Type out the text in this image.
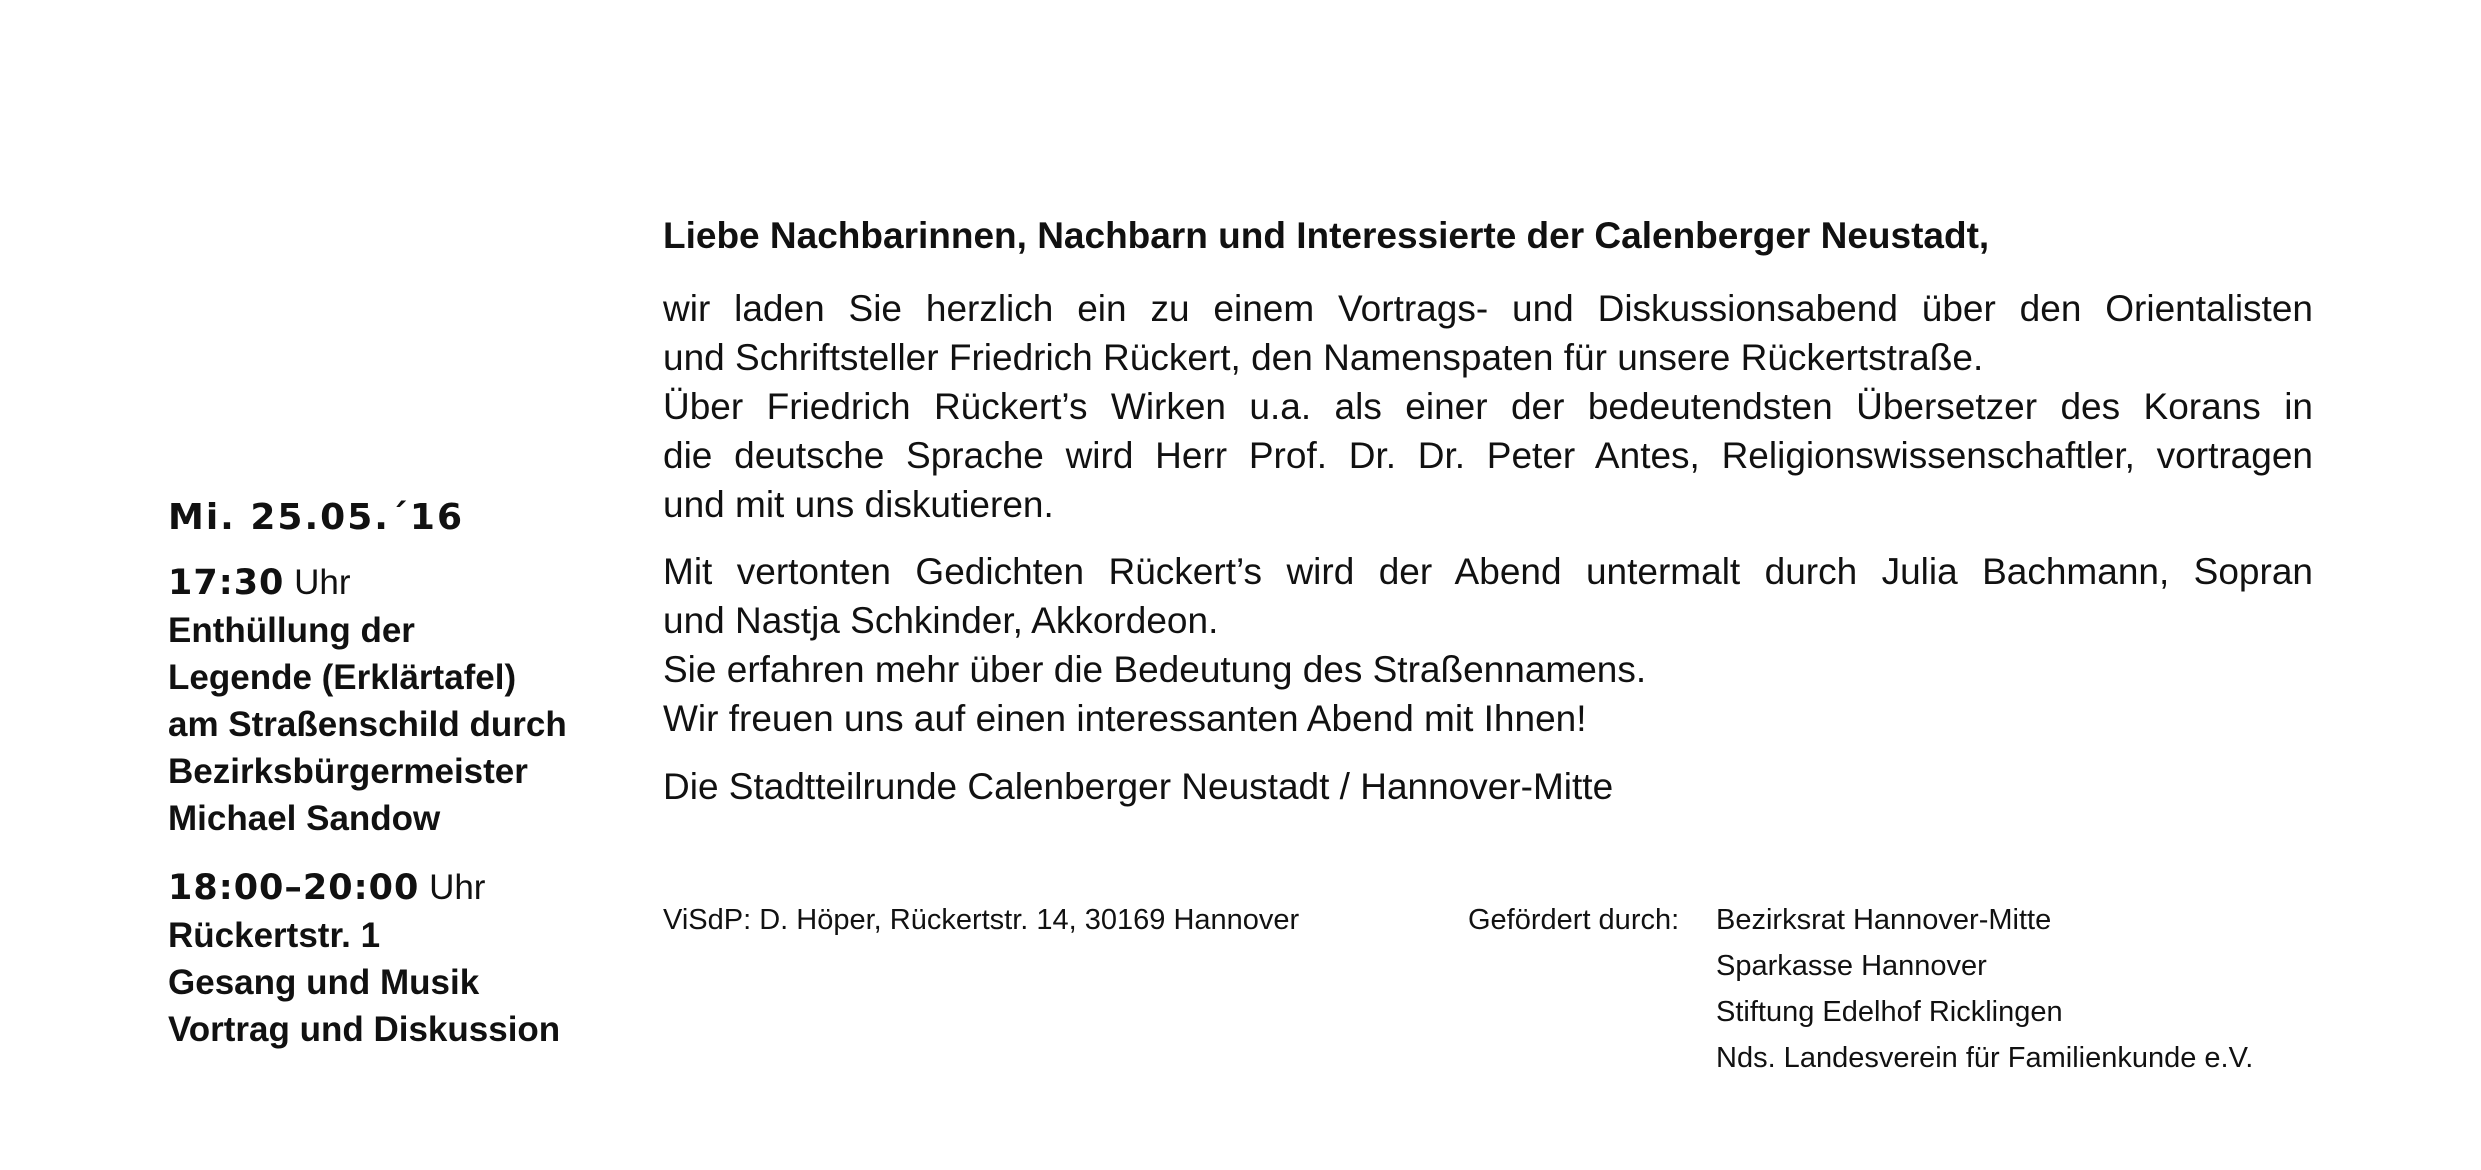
Mi. 25.05.´16
17:30 Uhr
Enthüllung der
Legende (Erklärtafel)
am Straßenschild durch
Bezirksbürgermeister
Michael Sandow
18:00–20:00 Uhr
Rückertstr. 1
Gesang und Musik
Vortrag und Diskussion
Liebe Nachbarinnen, Nachbarn und Interessierte der Calenberger Neustadt,
wir laden Sie herzlich ein zu einem Vortrags- und Diskussionsabend über den Orientalisten
und Schriftsteller Friedrich Rückert, den Namenspaten für unsere Rückertstraße.
Über Friedrich Rückert’s Wirken u.a. als einer der bedeutendsten Übersetzer des Korans in
die deutsche Sprache wird Herr Prof. Dr. Dr. Peter Antes, Religionswissenschaftler, vortragen
und mit uns diskutieren.
Mit vertonten Gedichten Rückert’s wird der Abend untermalt durch Julia Bachmann, Sopran
und Nastja Schkinder, Akkordeon.
Sie erfahren mehr über die Bedeutung des Straßennamens.
Wir freuen uns auf einen interessanten Abend mit Ihnen!
Die Stadtteilrunde Calenberger Neustadt / Hannover-Mitte
ViSdP: D. Höper, Rückertstr. 14, 30169 Hannover	Gefördert durch: Bezirksrat Hannover-Mitte
Sparkasse Hannover
Stiftung Edelhof Ricklingen
Nds. Landesverein für Familienkunde e.V.
